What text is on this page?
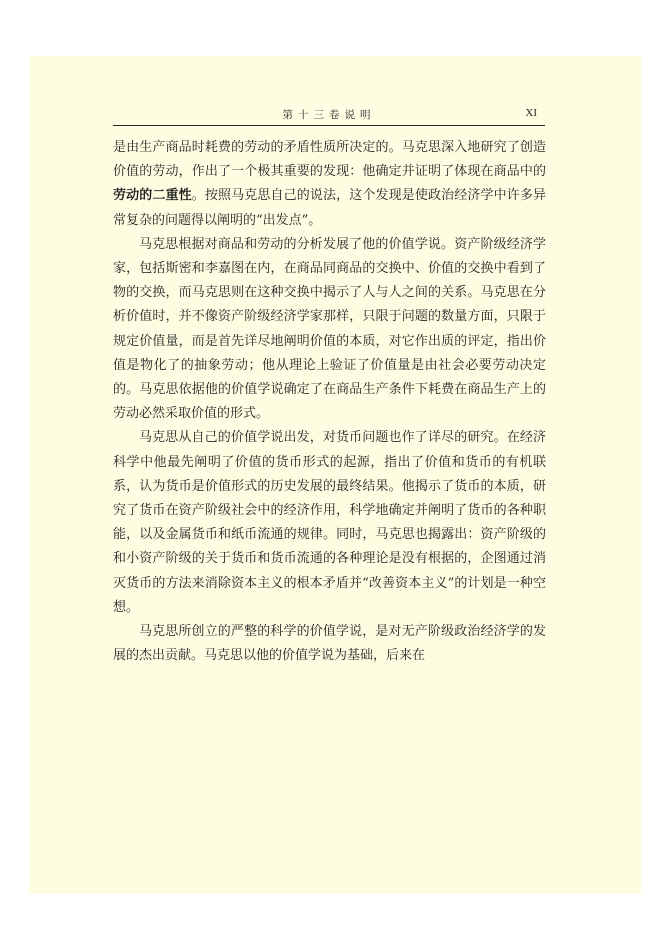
第十三卷说明	XI

是由生产商品时耗费的劳动的矛盾性质所决定的。马克思深入地研究了创造价值的劳动，作出了一个极其重要的发现：他确定并证明了体现在商品中的劳动的二重性。按照马克思自己的说法，这个发现是使政治经济学中许多异常复杂的问题得以阐明的“出发点”。

马克思根据对商品和劳动的分析发展了他的价值学说。资产阶级经济学家，包括斯密和李嘉图在内，在商品同商品的交换中、价值的交换中看到了物的交换，而马克思则在这种交换中揭示了人与人之间的关系。马克思在分析价值时，并不像资产阶级经济学家那样，只限于问题的数量方面，只限于规定价值量，而是首先详尽地阐明价值的本质，对它作出质的评定，指出价值是物化了的抽象劳动；他从理论上验证了价值量是由社会必要劳动决定的。马克思依据他的价值学说确定了在商品生产条件下耗费在商品生产上的劳动必然采取价值的形式。

马克思从自己的价值学说出发，对货币问题也作了详尽的研究。在经济科学中他最先阐明了价值的货币形式的起源，指出了价值和货币的有机联系，认为货币是价值形式的历史发展的最终结果。他揭示了货币的本质，研究了货币在资产阶级社会中的经济作用，科学地确定并阐明了货币的各种职能，以及金属货币和纸币流通的规律。同时，马克思也揭露出：资产阶级的和小资产阶级的关于货币和货币流通的各种理论是没有根据的，企图通过消灭货币的方法来消除资本主义的根本矛盾并“改善资本主义”的计划是一种空想。

马克思所创立的严整的科学的价值学说，是对无产阶级政治经济学的发展的杰出贡献。马克思以他的价值学说为基础，后来在
